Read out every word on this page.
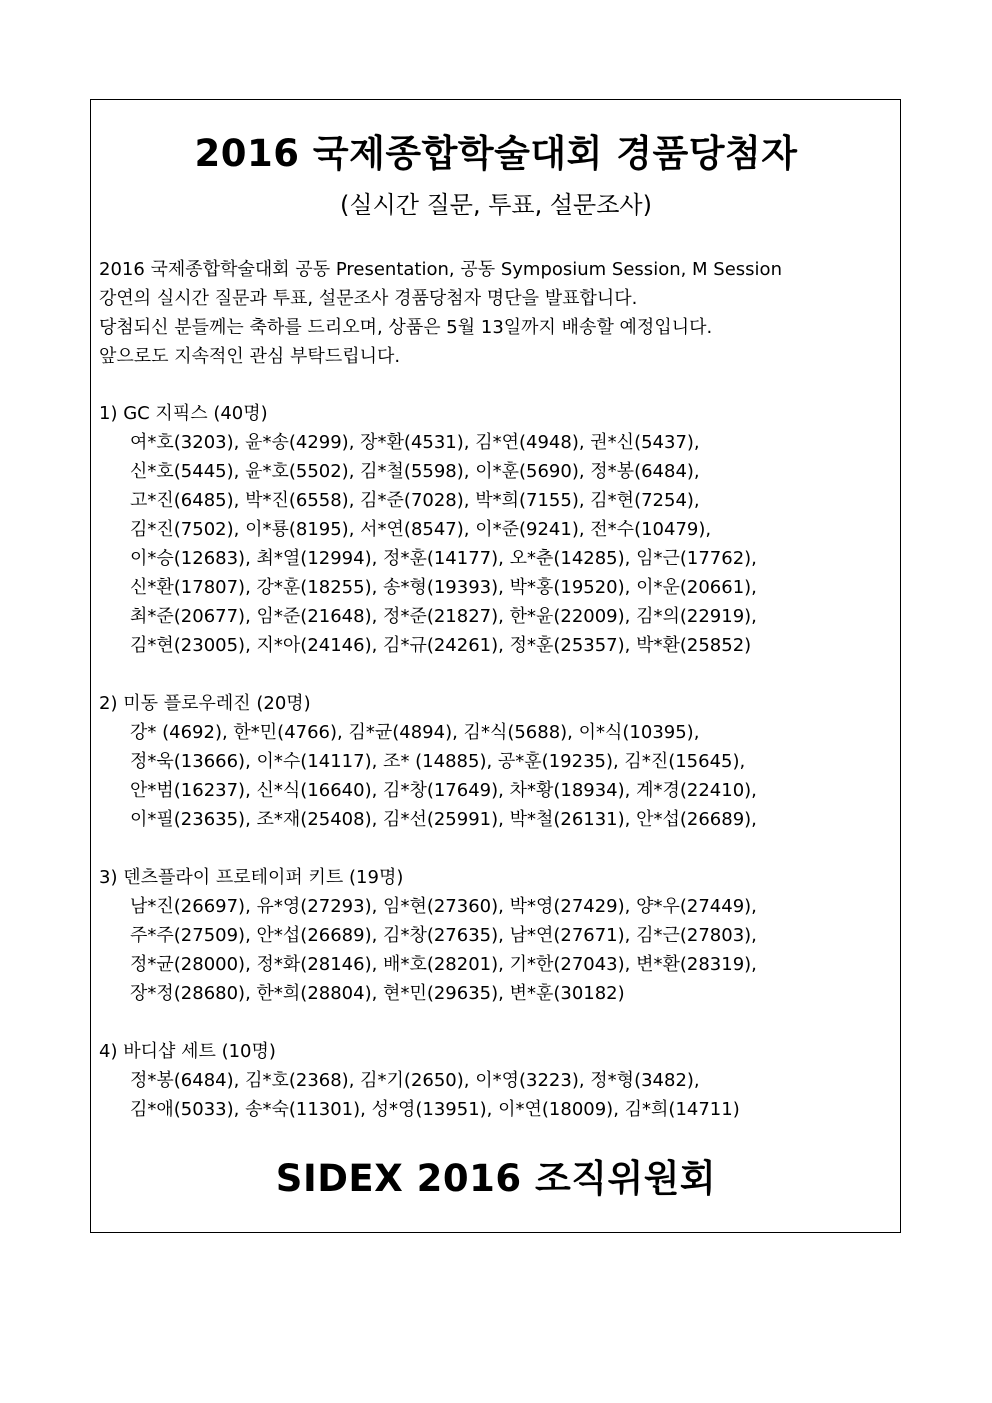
2016 국제종합학술대회 경품당첨자
(실시간 질문, 투표, 설문조사)
2016 국제종합학술대회 공동 Presentation, 공동 Symposium Session, M Session
강연의 실시간 질문과 투표, 설문조사 경품당첨자 명단을 발표합니다.
당첨되신 분들께는 축하를 드리오며, 상품은 5월 13일까지 배송할 예정입니다.
앞으로도 지속적인 관심 부탁드립니다.
1) GC 지픽스 (40명)
여*호(3203), 윤*송(4299), 장*환(4531), 김*연(4948), 권*신(5437),
신*호(5445), 윤*호(5502), 김*철(5598), 이*훈(5690), 정*봉(6484),
고*진(6485), 박*진(6558), 김*준(7028), 박*희(7155), 김*현(7254),
김*진(7502), 이*룡(8195), 서*연(8547), 이*준(9241), 전*수(10479),
이*승(12683), 최*열(12994), 정*훈(14177), 오*춘(14285), 임*근(17762),
신*환(17807), 강*훈(18255), 송*형(19393), 박*홍(19520), 이*운(20661),
최*준(20677), 임*준(21648), 정*준(21827), 한*윤(22009), 김*의(22919),
김*현(23005), 지*아(24146), 김*규(24261), 정*훈(25357), 박*환(25852)
2) 미동 플로우레진 (20명)
강* (4692), 한*민(4766), 김*균(4894), 김*식(5688), 이*식(10395),
정*욱(13666), 이*수(14117), 조* (14885), 공*훈(19235), 김*진(15645),
안*범(16237), 신*식(16640), 김*창(17649), 차*황(18934), 계*경(22410),
이*필(23635), 조*재(25408), 김*선(25991), 박*철(26131), 안*섭(26689),
3) 덴츠플라이 프로테이퍼 키트 (19명)
남*진(26697), 유*영(27293), 임*현(27360), 박*영(27429), 양*우(27449),
주*주(27509), 안*섭(26689), 김*창(27635), 남*연(27671), 김*근(27803),
정*균(28000), 정*화(28146), 배*호(28201), 기*한(27043), 변*환(28319),
장*정(28680), 한*희(28804), 현*민(29635), 변*훈(30182)
4) 바디샵 세트 (10명)
정*봉(6484), 김*호(2368), 김*기(2650), 이*영(3223), 정*형(3482),
김*애(5033), 송*숙(11301), 성*영(13951), 이*연(18009), 김*희(14711)
SIDEX 2016 조직위원회
